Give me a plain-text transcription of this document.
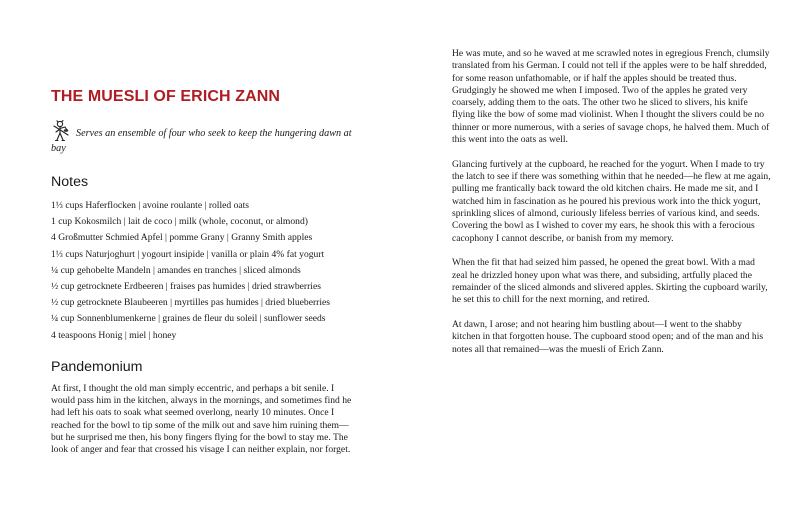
THE MUESLI OF ERICH ZANN

Serves an ensemble of four who seek to keep the hungering dawn at bay

Notes
1⅓ cups Haferflocken | avoine roulante | rolled oats
1 cup Kokosmilch | lait de coco | milk (whole, coconut, or almond)
4 Großmutter Schmied Apfel | pomme Grany | Granny Smith apples
1⅓ cups Naturjoghurt | yogourt insipide | vanilla or plain 4% fat yogurt
¼ cup gehobelte Mandeln | amandes en tranches | sliced almonds
½ cup getrocknete Erdbeeren | fraises pas humides | dried strawberries
½ cup getrocknete Blaubeeren | myrtilles pas humides | dried blueberries
¼ cup Sonnenblumenkerne | graines de fleur du soleil | sunflower seeds
4 teaspoons Honig | miel | honey
Pandemonium

At first, I thought the old man simply eccentric, and perhaps a bit senile. I would pass him in the kitchen, always in the mornings, and sometimes find he had left his oats to soak what seemed overlong, nearly 10 minutes. Once I reached for the bowl to tip some of the milk out and save him ruining them—but he surprised me then, his bony fingers flying for the bowl to stay me. The look of anger and fear that crossed his visage I can neither explain, nor forget.

He was mute, and so he waved at me scrawled notes in egregious French, clumsily translated from his German. I could not tell if the apples were to be half shredded, for some reason unfathomable, or if half the apples should be treated thus. Grudgingly he showed me when I imposed. Two of the apples he grated very coarsely, adding them to the oats. The other two he sliced to slivers, his knife flying like the bow of some mad violinist. When I thought the slivers could be no thinner or more numerous, with a series of savage chops, he halved them. Much of this went into the oats as well.

Glancing furtively at the cupboard, he reached for the yogurt. When I made to try the latch to see if there was something within that he needed—he flew at me again, pulling me frantically back toward the old kitchen chairs. He made me sit, and I watched him in fascination as he poured his previous work into the thick yogurt, sprinkling slices of almond, curiously lifeless berries of various kind, and seeds. Covering the bowl as I wished to cover my ears, he shook this with a ferocious cacophony I cannot describe, or banish from my memory.

When the fit that had seized him passed, he opened the great bowl. With a mad zeal he drizzled honey upon what was there, and subsiding, artfully placed the remainder of the sliced almonds and slivered apples. Skirting the cupboard warily, he set this to chill for the next morning, and retired.

At dawn, I arose; and not hearing him bustling about—I went to the shabby kitchen in that forgotten house. The cupboard stood open; and of the man and his notes all that remained—was the muesli of Erich Zann.
